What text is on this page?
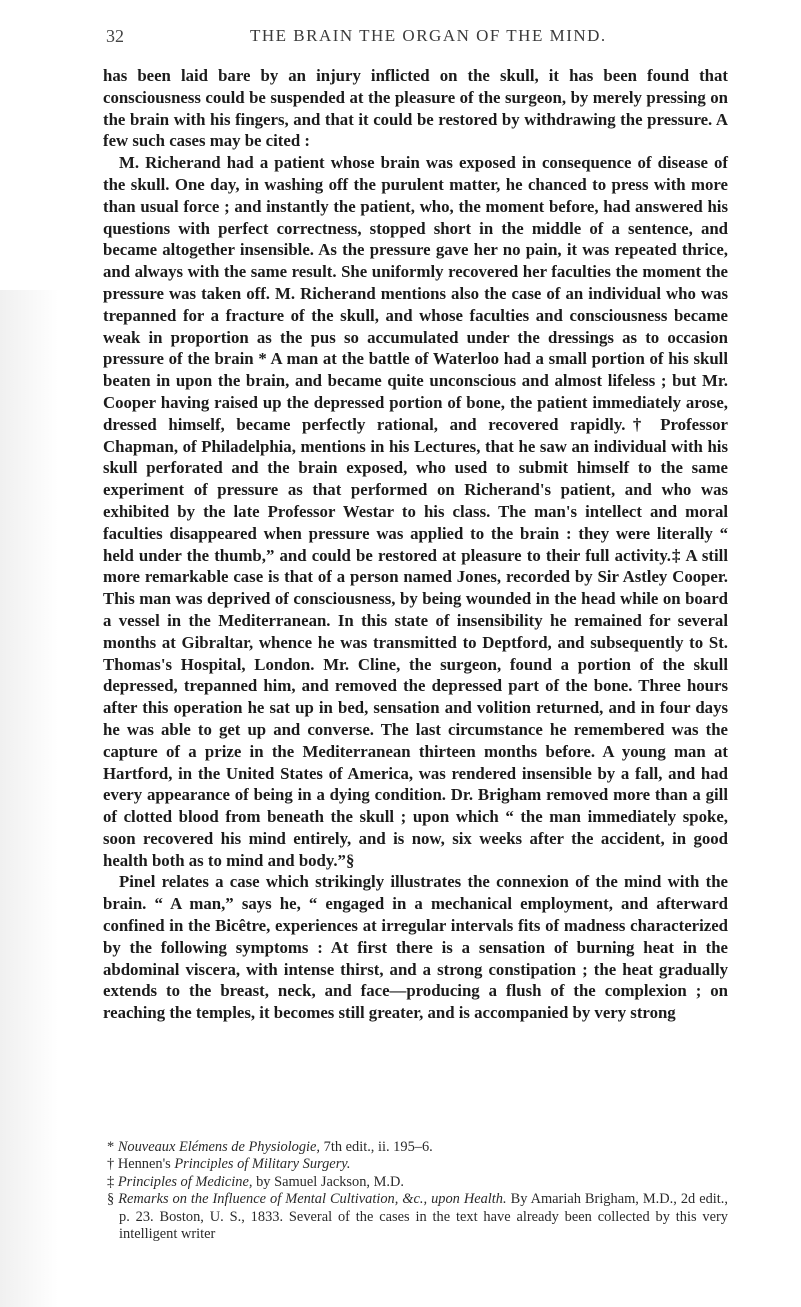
32	THE BRAIN THE ORGAN OF THE MIND.

has been laid bare by an injury inflicted on the skull, it has been found that consciousness could be suspended at the pleasure of the surgeon, by merely pressing on the brain with his fingers, and that it could be restored by withdrawing the pressure. A few such cases may be cited :

M. Richerand had a patient whose brain was exposed in consequence of disease of the skull. One day, in washing off the purulent matter, he chanced to press with more than usual force ; and instantly the patient, who, the moment before, had answered his questions with perfect correctness, stopped short in the middle of a sentence, and became altogether insensible. As the pressure gave her no pain, it was repeated thrice, and always with the same result. She uniformly recovered her faculties the moment the pressure was taken off. M. Richerand mentions also the case of an individual who was trepanned for a fracture of the skull, and whose faculties and consciousness became weak in proportion as the pus so accumulated under the dressings as to occasion pressure of the brain * A man at the battle of Waterloo had a small portion of his skull beaten in upon the brain, and became quite unconscious and almost lifeless ; but Mr. Cooper having raised up the depressed portion of bone, the patient immediately arose, dressed himself, became perfectly rational, and recovered rapidly.† Professor Chapman, of Philadelphia, mentions in his Lectures, that he saw an individual with his skull perforated and the brain exposed, who used to submit himself to the same experiment of pressure as that performed on Richerand's patient, and who was exhibited by the late Professor Westar to his class. The man's intellect and moral faculties disappeared when pressure was applied to the brain : they were literally “ held under the thumb,” and could be restored at pleasure to their full activity.‡ A still more remarkable case is that of a person named Jones, recorded by Sir Astley Cooper. This man was deprived of consciousness, by being wounded in the head while on board a vessel in the Mediterranean. In this state of insensibility he remained for several months at Gibraltar, whence he was transmitted to Deptford, and subsequently to St. Thomas's Hospital, London. Mr. Cline, the surgeon, found a portion of the skull depressed, trepanned him, and removed the depressed part of the bone. Three hours after this operation he sat up in bed, sensation and volition returned, and in four days he was able to get up and converse. The last circumstance he remembered was the capture of a prize in the Mediterranean thirteen months before. A young man at Hartford, in the United States of America, was rendered insensible by a fall, and had every appearance of being in a dying condition. Dr. Brigham removed more than a gill of clotted blood from beneath the skull ; upon which “ the man immediately spoke, soon recovered his mind entirely, and is now, six weeks after the accident, in good health both as to mind and body.”§

Pinel relates a case which strikingly illustrates the connexion of the mind with the brain. “ A man,” says he, “ engaged in a mechanical employment, and afterward confined in the Bicêtre, experiences at irregular intervals fits of madness characterized by the following symptoms : At first there is a sensation of burning heat in the abdominal viscera, with intense thirst, and a strong constipation ; the heat gradually extends to the breast, neck, and face—producing a flush of the complexion ; on reaching the temples, it becomes still greater, and is accompanied by very strong

* Nouveaux Elémens de Physiologie, 7th edit., ii. 195–6.

† Hennen's Principles of Military Surgery.

‡ Principles of Medicine, by Samuel Jackson, M.D.

§ Remarks on the Influence of Mental Cultivation, &c., upon Health. By Amariah Brigham, M.D., 2d edit., p. 23. Boston, U. S., 1833. Several of the cases in the text have already been collected by this very intelligent writer
